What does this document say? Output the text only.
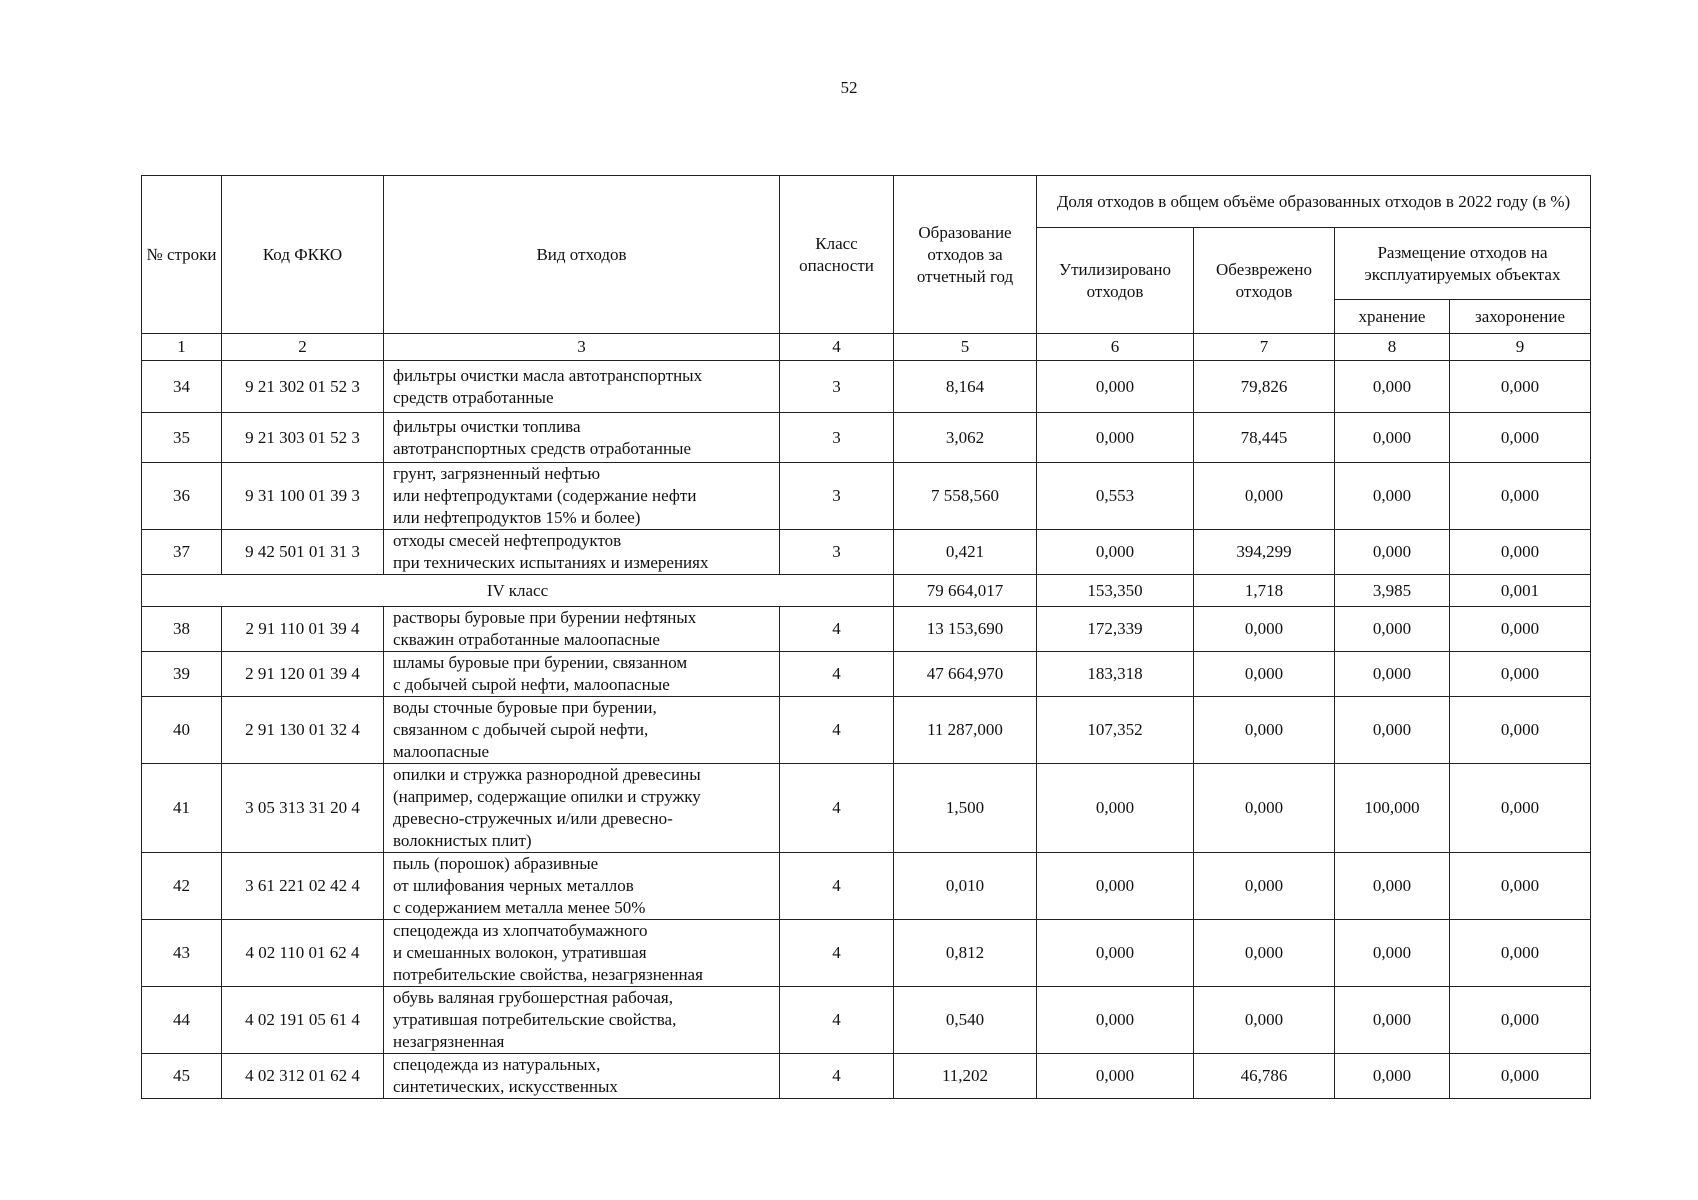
52
№ строки	Код ФККО	Вид отходов	Класс опасности	Образование отходов за отчетный год	Доля отходов в общем объёме образованных отходов в 2022 году (в %)			
					Утилизировано отходов	Обезврежено отходов	Размещение отходов на эксплуатируемых объектах	
							хранение	захоронение
1	2	3	4	5	6	7	8	9
34	9 21 302 01 52 3	фильтры очистки масла автотранспортных
средств отработанные	3	8,164	0,000	79,826	0,000	0,000
35	9 21 303 01 52 3	фильтры очистки топлива
автотранспортных средств отработанные	3	3,062	0,000	78,445	0,000	0,000
36	9 31 100 01 39 3	грунт, загрязненный нефтью
или нефтепродуктами (содержание нефти
или нефтепродуктов 15% и более)	3	7 558,560	0,553	0,000	0,000	0,000
37	9 42 501 01 31 3	отходы смесей нефтепродуктов
при технических испытаниях и измерениях	3	0,421	0,000	394,299	0,000	0,000
IV класс				79 664,017	153,350	1,718	3,985	0,001
38	2 91 110 01 39 4	растворы буровые при бурении нефтяных
скважин отработанные малоопасные	4	13 153,690	172,339	0,000	0,000	0,000
39	2 91 120 01 39 4	шламы буровые при бурении, связанном
с добычей сырой нефти, малоопасные	4	47 664,970	183,318	0,000	0,000	0,000
40	2 91 130 01 32 4	воды сточные буровые при бурении,
связанном с добычей сырой нефти,
малоопасные	4	11 287,000	107,352	0,000	0,000	0,000
41	3 05 313 31 20 4	опилки и стружка разнородной древесины
(например, содержащие опилки и стружку
древесно-стружечных и/или древесно-
волокнистых плит)	4	1,500	0,000	0,000	100,000	0,000
42	3 61 221 02 42 4	пыль (порошок) абразивные
от шлифования черных металлов
с содержанием металла менее 50%	4	0,010	0,000	0,000	0,000	0,000
43	4 02 110 01 62 4	спецодежда из хлопчатобумажного
и смешанных волокон, утратившая
потребительские свойства, незагрязненная	4	0,812	0,000	0,000	0,000	0,000
44	4 02 191 05 61 4	обувь валяная грубошерстная рабочая,
утратившая потребительские свойства,
незагрязненная	4	0,540	0,000	0,000	0,000	0,000
45	4 02 312 01 62 4	спецодежда из натуральных,
синтетических, искусственных	4	11,202	0,000	46,786	0,000	0,000
